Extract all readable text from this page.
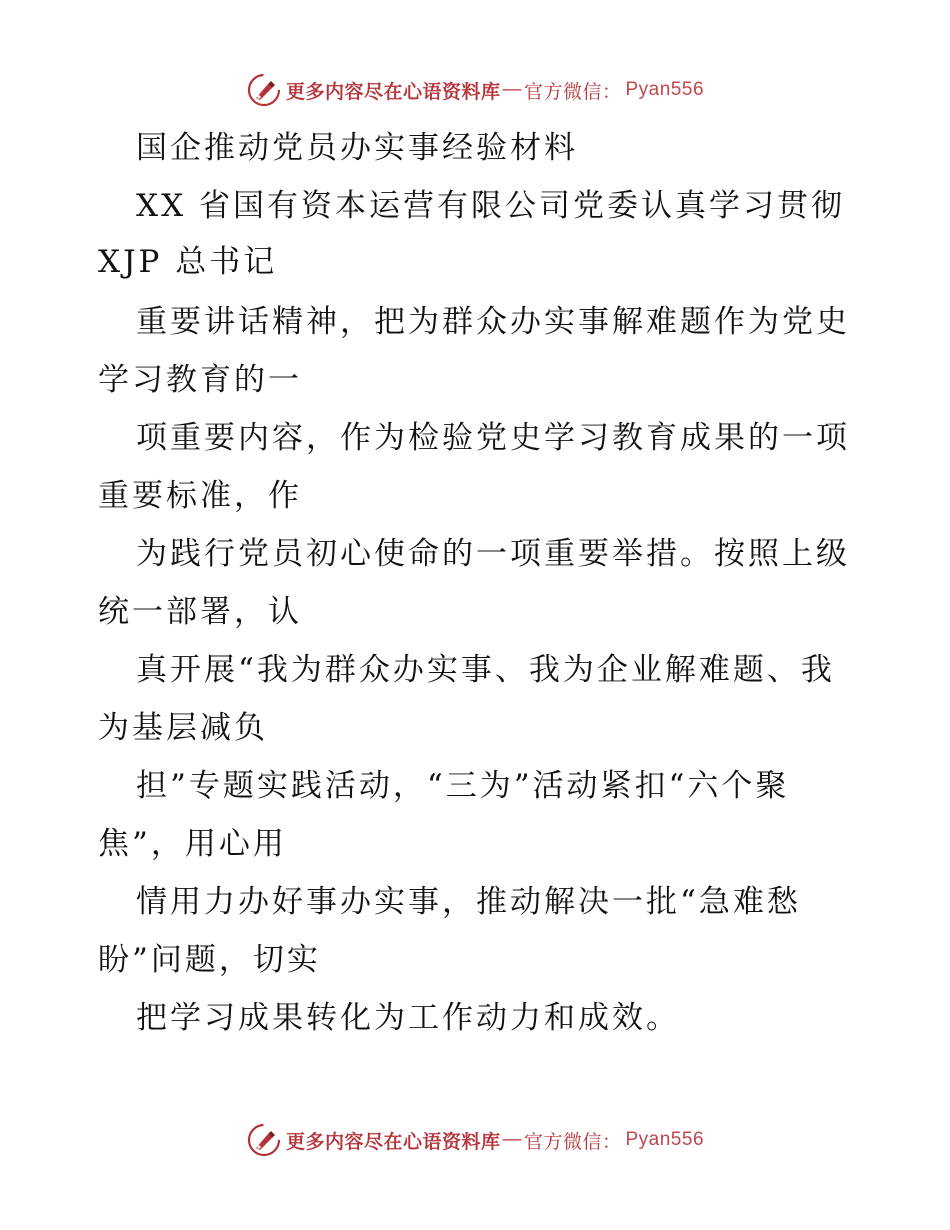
更多内容尽在心语资料库 — 官方微信： Pyan556
国企推动党员办实事经验材料
XX 省国有资本运营有限公司党委认真学习贯彻
XJP 总书记
重要讲话精神，把为群众办实事解难题作为党史
学习教育的一
项重要内容，作为检验党史学习教育成果的一项
重要标准，作
为践行党员初心使命的一项重要举措。按照上级
统一部署，认
真开展“我为群众办实事、我为企业解难题、我
为基层减负
担”专题实践活动，“三为”活动紧扣“六个聚
焦”，用心用
情用力办好事办实事，推动解决一批“急难愁
盼”问题，切实
把学习成果转化为工作动力和成效。
更多内容尽在心语资料库 — 官方微信： Pyan556
